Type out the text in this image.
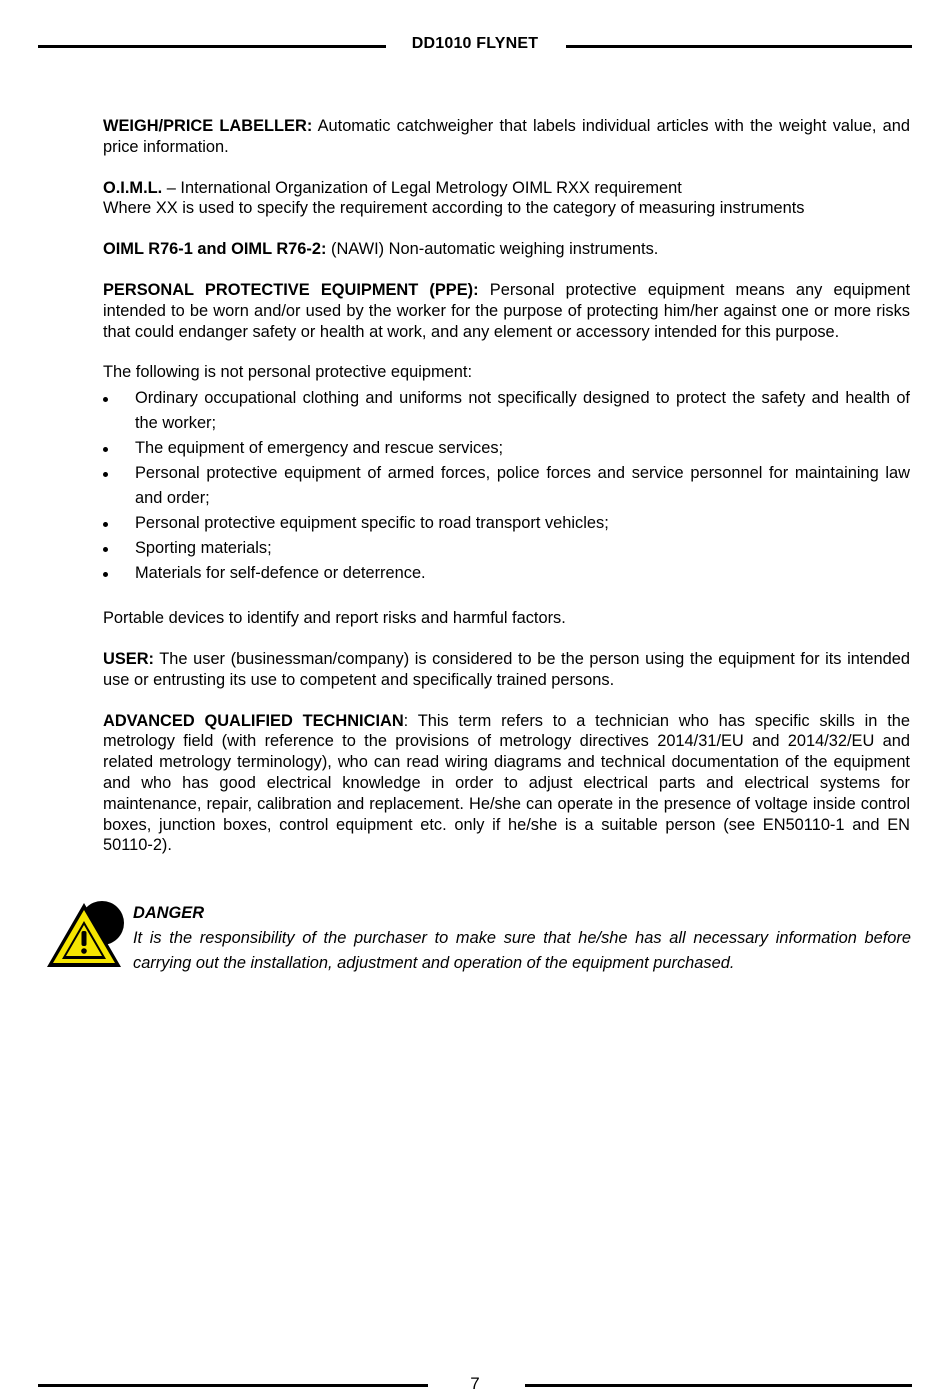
DD1010 FLYNET

WEIGH/PRICE LABELLER: Automatic catchweigher that labels individual articles with the weight value, and price information.

O.I.M.L. – International Organization of Legal Metrology OIML RXX requirement
Where XX is used to specify the requirement according to the category of measuring instruments

OIML R76-1 and OIML R76-2: (NAWI) Non-automatic weighing instruments.

PERSONAL PROTECTIVE EQUIPMENT (PPE): Personal protective equipment means any equipment intended to be worn and/or used by the worker for the purpose of protecting him/her against one or more risks that could endanger safety or health at work, and any element or accessory intended for this purpose.

The following is not personal protective equipment:

Ordinary occupational clothing and uniforms not specifically designed to protect the safety and health of the worker;
The equipment of emergency and rescue services;
Personal protective equipment of armed forces, police forces and service personnel for maintaining law and order;
Personal protective equipment specific to road transport vehicles;
Sporting materials;
Materials for self-defence or deterrence.

Portable devices to identify and report risks and harmful factors.

USER: The user (businessman/company) is considered to be the person using the equipment for its intended use or entrusting its use to competent and specifically trained persons.

ADVANCED QUALIFIED TECHNICIAN: This term refers to a technician who has specific skills in the metrology field (with reference to the provisions of metrology directives 2014/31/EU and 2014/32/EU and related metrology terminology), who can read wiring diagrams and technical documentation of the equipment and who has good electrical knowledge in order to adjust electrical parts and electrical systems for maintenance, repair, calibration and replacement. He/she can operate in the presence of voltage inside control boxes, junction boxes, control equipment etc. only if he/she is a suitable person (see EN50110-1 and EN 50110-2).

DANGER
It is the responsibility of the purchaser to make sure that he/she has all necessary information before carrying out the installation, adjustment and operation of the equipment purchased.
7
